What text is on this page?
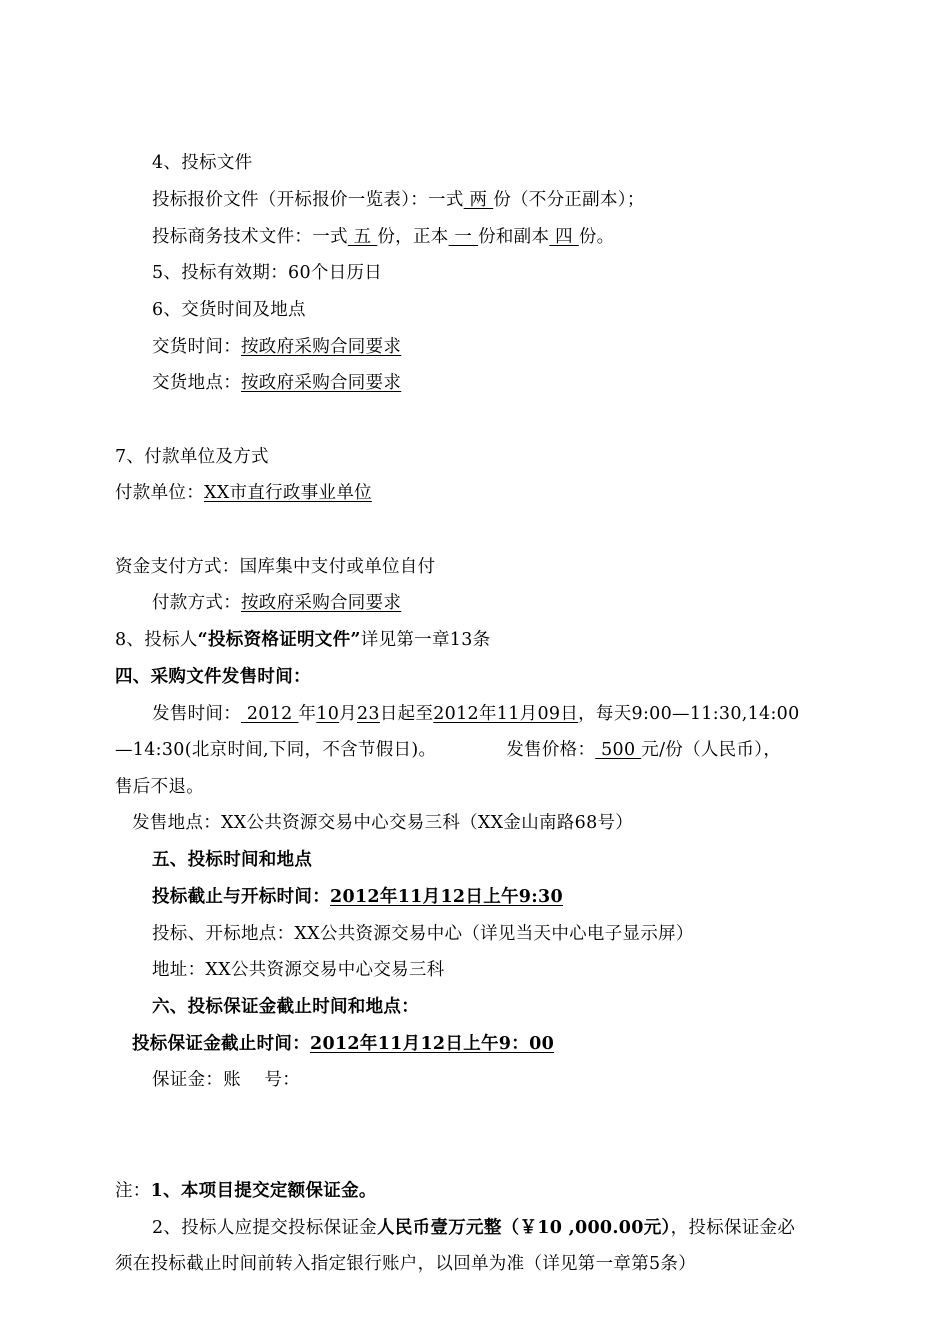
4、投标文件
投标报价文件（开标报价一览表）：一式 两 份（不分正副本）；
投标商务技术文件：一式 五 份，正本 一 份和副本 四 份。
5、投标有效期：60个日历日
6、交货时间及地点
交货时间：按政府采购合同要求
交货地点：按政府采购合同要求
7、付款单位及方式
付款单位：XX市直行政事业单位
资金支付方式：国库集中支付或单位自付
付款方式：按政府采购合同要求
8、投标人“投标资格证明文件”详见第一章13条
四、采购文件发售时间：
发售时间： 2012 年10月23日起至2012年11月09日，每天9:00—11:30,14:00
—14:30(北京时间,下同，不含节假日)。	发售价格： 500 元/份（人民币），
售后不退。
发售地点：XX公共资源交易中心交易三科（XX金山南路68号）
五、投标时间和地点
投标截止与开标时间：2012年11月12日上午9:30
投标、开标地点：XX公共资源交易中心（详见当天中心电子显示屏）
地址：XX公共资源交易中心交易三科
六、投标保证金截止时间和地点：
投标保证金截止时间：2012年11月12日上午9：00
保证金：账    号：
注：1、本项目提交定额保证金。
2、投标人应提交投标保证金人民币壹万元整（￥10 ,000.00元），投标保证金必
须在投标截止时间前转入指定银行账户，以回单为准（详见第一章第5条）
